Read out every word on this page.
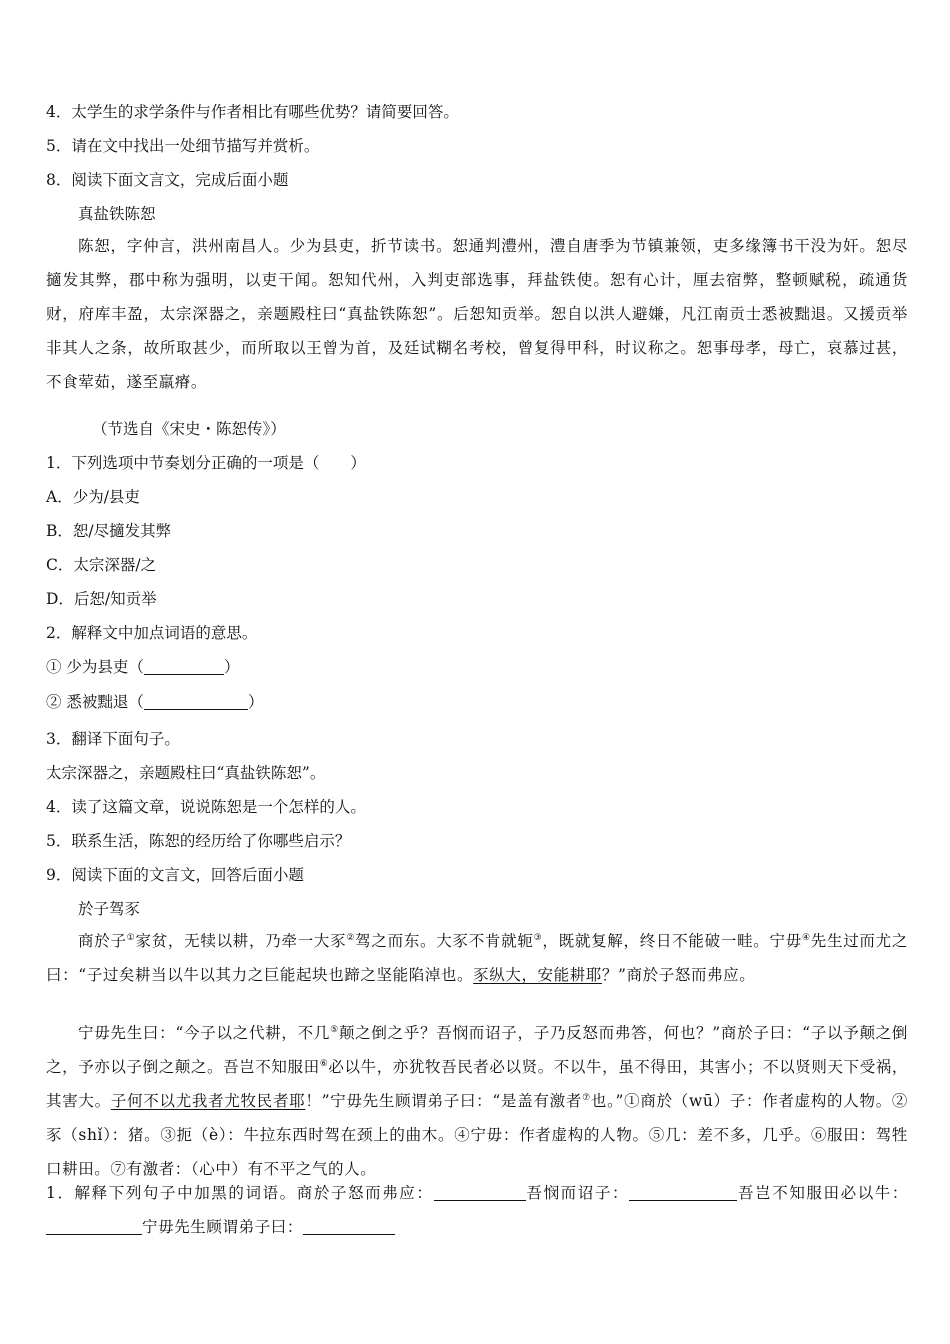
4．太学生的求学条件与作者相比有哪些优势？请简要回答。
5．请在文中找出一处细节描写并赏析。
8．阅读下面文言文，完成后面小题
真盐铁陈恕

陈恕，字仲言，洪州南昌人。少为县吏，折节读书。恕通判澧州，澧自唐季为节镇兼领，吏多缘簿书干没为奸。恕尽擿发其弊，郡中称为强明，以吏干闻。恕知代州，入判吏部选事，拜盐铁使。恕有心计，厘去宿弊，整顿赋税，疏通货财，府库丰盈，太宗深器之，亲题殿柱曰“真盐铁陈恕”。后恕知贡举。恕自以洪人避嫌，凡江南贡士悉被黜退。又援贡举非其人之条，故所取甚少，而所取以王曾为首，及廷试糊名考校，曾复得甲科，时议称之。恕事母孝，母亡，哀慕过甚，不食荤茹，遂至羸瘠。

（节选自《宋史・陈恕传》）
1．下列选项中节奏划分正确的一项是（　　）
A．少为/县吏
B．恕/尽擿发其弊
C．太宗深器/之
D．后恕/知贡举
2．解释文中加点词语的意思。
① 少为县吏（	）
② 悉被黜退（	）
3．翻译下面句子。
太宗深器之，亲题殿柱曰“真盐铁陈恕”。
4．读了这篇文章，说说陈恕是一个怎样的人。
5．联系生活，陈恕的经历给了你哪些启示？
9．阅读下面的文言文，回答后面小题
於子驾豕

商於子①家贫，无犊以耕，乃牵一大豕②驾之而东。大豕不肯就轭③，既就复解，终日不能破一畦。宁毋④先生过而尤之曰：“子过矣耕当以牛以其力之巨能起块也蹄之坚能陷淖也。豕纵大，安能耕耶？”商於子怒而弗应。

宁毋先生曰：“今子以之代耕，不几⑤颠之倒之乎？吾悯而诏子，子乃反怒而弗答，何也？”商於子曰：“子以予颠之倒之，予亦以子倒之颠之。吾岂不知服田⑥必以牛，亦犹牧吾民者必以贤。不以牛，虽不得田，其害小；不以贤则天下受祸，其害大。子何不以尤我者尤牧民者耶！”宁毋先生顾谓弟子曰：“是盖有激者⑦也。”①商於（wū）子：作者虚构的人物。②豕（shǐ）：猪。③扼（è）：牛拉东西时驾在颈上的曲木。④宁毋：作者虚构的人物。⑤几：差不多，几乎。⑥服田：驾牲口耕田。⑦有激者：（心中）有不平之气的人。

1．解释下列句子中加黑的词语。商於子怒而弗应：	吾悯而诏子：	吾岂不知服田必以牛：宁毋先生顾谓弟子曰：
